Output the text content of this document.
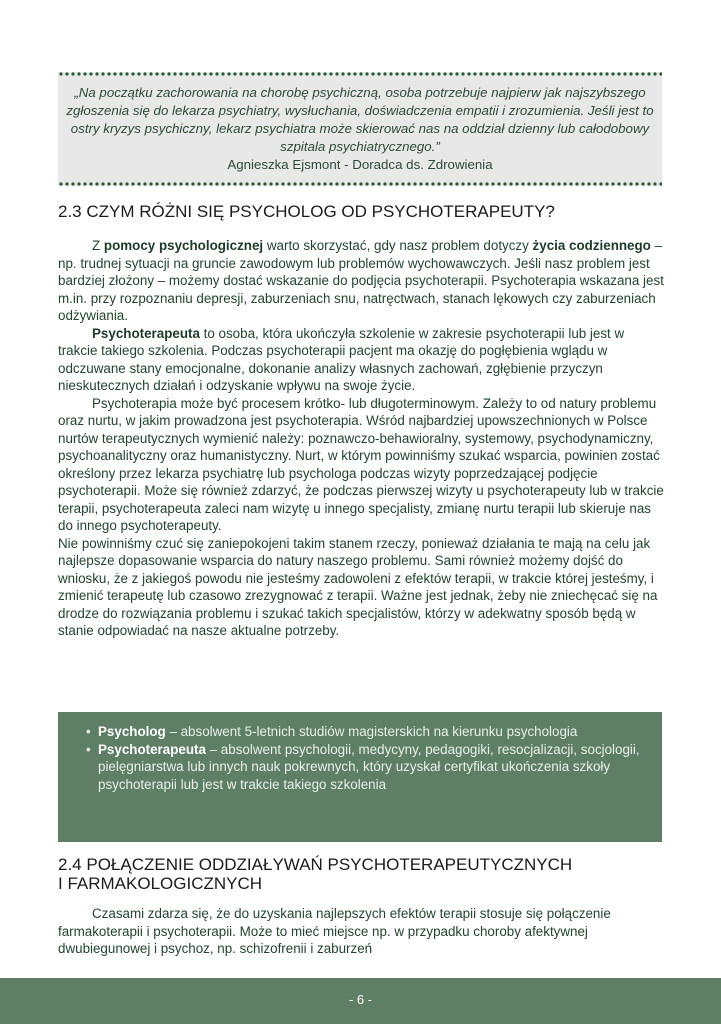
„Na początku zachorowania na chorobę psychiczną, osoba potrzebuje najpierw jak najszybszego zgłoszenia się do lekarza psychiatry, wysłuchania, doświadczenia empatii i zrozumienia. Jeśli jest to ostry kryzys psychiczny, lekarz psychiatra może skierować nas na oddział dzienny lub całodobowy szpitala psychiatrycznego.”
Agnieszka Ejsmont - Doradca ds. Zdrowienia
2.3 CZYM RÓŻNI SIĘ PSYCHOLOG OD PSYCHOTERAPEUTY?

Z pomocy psychologicznej warto skorzystać, gdy nasz problem dotyczy życia codziennego – np. trudnej sytuacji na gruncie zawodowym lub problemów wychowawczych. Jeśli nasz problem jest bardziej złożony – możemy dostać wskazanie do podjęcia psychoterapii. Psychoterapia wskazana jest m.in. przy rozpoznaniu depresji, zaburzeniach snu, natręctwach, stanach lękowych czy zaburzeniach odżywiania.

Psychoterapeuta to osoba, która ukończyła szkolenie w zakresie psychoterapii lub jest w trakcie takiego szkolenia. Podczas psychoterapii pacjent ma okazję do pogłębienia wglądu w odczuwane stany emocjonalne, dokonanie analizy własnych zachowań, zgłębienie przyczyn nieskutecznych działań i odzyskanie wpływu na swoje życie.

Psychoterapia może być procesem krótko- lub długoterminowym. Zależy to od natury problemu oraz nurtu, w jakim prowadzona jest psychoterapia. Wśród najbardziej upowszechnionych w Polsce nurtów terapeutycznych wymienić należy: poznawczo-behawioralny, systemowy, psychodynamiczny, psychoanalityczny oraz humanistyczny. Nurt, w którym powinniśmy szukać wsparcia, powinien zostać określony przez lekarza psychiatrę lub psychologa podczas wizyty poprzedzającej podjęcie psychoterapii. Może się również zdarzyć, że podczas pierwszej wizyty u psychoterapeuty lub w trakcie terapii, psychoterapeuta zaleci nam wizytę u innego specjalisty, zmianę nurtu terapii lub skieruje nas do innego psychoterapeuty.

Nie powinniśmy czuć się zaniepokojeni takim stanem rzeczy, ponieważ działania te mają na celu jak najlepsze dopasowanie wsparcia do natury naszego problemu. Sami również możemy dojść do wniosku, że z jakiegoś powodu nie jesteśmy zadowoleni z efektów terapii, w trakcie której jesteśmy, i zmienić terapeutę lub czasowo zrezygnować z terapii. Ważne jest jednak, żeby nie zniechęcać się na drodze do rozwiązania problemu i szukać takich specjalistów, którzy w adekwatny sposób będą w stanie odpowiadać na nasze aktualne potrzeby.

• Psycholog – absolwent 5-letnich studiów magisterskich na kierunku psychologia
• Psychoterapeuta – absolwent psychologii, medycyny, pedagogiki, resocjalizacji, socjologii, pielęgniarstwa lub innych nauk pokrewnych, który uzyskał certyfikat ukończenia szkoły psychoterapii lub jest w trakcie takiego szkolenia
2.4 POŁĄCZENIE ODDZIAŁYWAŃ PSYCHOTERAPEUTYCZNYCH
I FARMAKOLOGICZNYCH

Czasami zdarza się, że do uzyskania najlepszych efektów terapii stosuje się połączenie farmakoterapii i psychoterapii. Może to mieć miejsce np. w przypadku choroby afektywnej dwubiegunowej i psychoz, np. schizofrenii i zaburzeń

- 6 -
